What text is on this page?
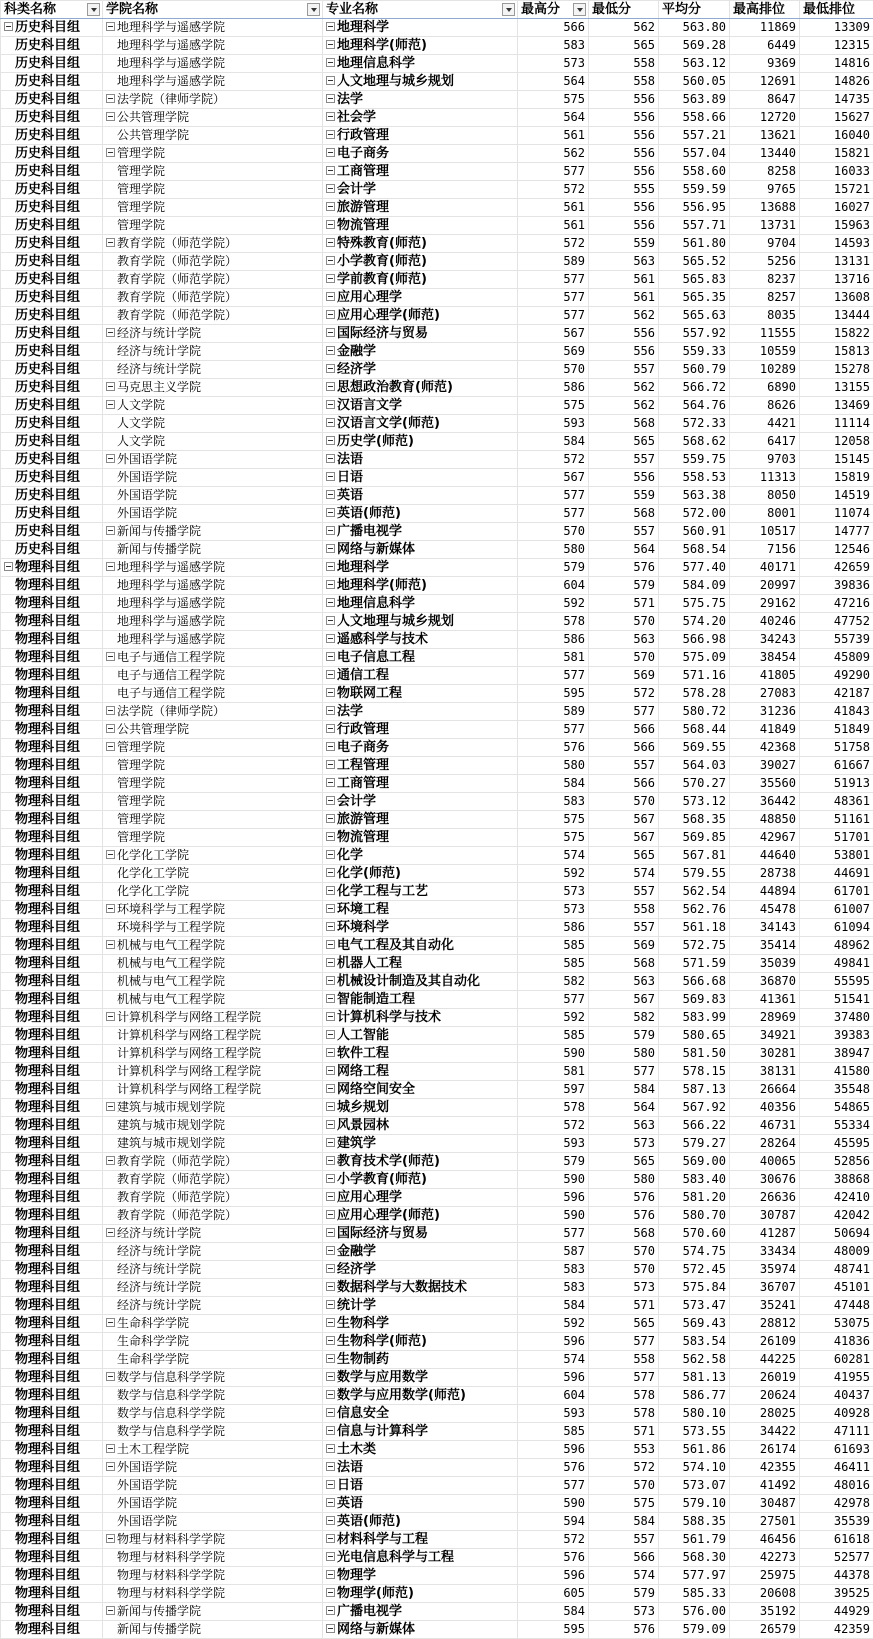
科类名称	学院名称	专业名称	最高分	最低分	平均分	最高排位	最低排位
历史科目组	地理科学与遥感学院	地理科学	566	562	563.80	11869	13309
历史科目组	地理科学与遥感学院	地理科学(师范)	583	565	569.28	6449	12315
历史科目组	地理科学与遥感学院	地理信息科学	573	558	563.12	9369	14816
历史科目组	地理科学与遥感学院	人文地理与城乡规划	564	558	560.05	12691	14826
历史科目组	法学院（律师学院）	法学	575	556	563.89	8647	14735
历史科目组	公共管理学院	社会学	564	556	558.66	12720	15627
历史科目组	公共管理学院	行政管理	561	556	557.21	13621	16040
历史科目组	管理学院	电子商务	562	556	557.04	13440	15821
历史科目组	管理学院	工商管理	577	556	558.60	8258	16033
历史科目组	管理学院	会计学	572	555	559.59	9765	15721
历史科目组	管理学院	旅游管理	561	556	556.95	13688	16027
历史科目组	管理学院	物流管理	561	556	557.71	13731	15963
历史科目组	教育学院（师范学院）	特殊教育(师范)	572	559	561.80	9704	14593
历史科目组	教育学院（师范学院）	小学教育(师范)	589	563	565.52	5256	13131
历史科目组	教育学院（师范学院）	学前教育(师范)	577	561	565.83	8237	13716
历史科目组	教育学院（师范学院）	应用心理学	577	561	565.35	8257	13608
历史科目组	教育学院（师范学院）	应用心理学(师范)	577	562	565.63	8035	13444
历史科目组	经济与统计学院	国际经济与贸易	567	556	557.92	11555	15822
历史科目组	经济与统计学院	金融学	569	556	559.33	10559	15813
历史科目组	经济与统计学院	经济学	570	557	560.79	10289	15278
历史科目组	马克思主义学院	思想政治教育(师范)	586	562	566.72	6890	13155
历史科目组	人文学院	汉语言文学	575	562	564.76	8626	13469
历史科目组	人文学院	汉语言文学(师范)	593	568	572.33	4421	11114
历史科目组	人文学院	历史学(师范)	584	565	568.62	6417	12058
历史科目组	外国语学院	法语	572	557	559.75	9703	15145
历史科目组	外国语学院	日语	567	556	558.53	11313	15819
历史科目组	外国语学院	英语	577	559	563.38	8050	14519
历史科目组	外国语学院	英语(师范)	577	568	572.00	8001	11074
历史科目组	新闻与传播学院	广播电视学	570	557	560.91	10517	14777
历史科目组	新闻与传播学院	网络与新媒体	580	564	568.54	7156	12546
物理科目组	地理科学与遥感学院	地理科学	579	576	577.40	40171	42659
物理科目组	地理科学与遥感学院	地理科学(师范)	604	579	584.09	20997	39836
物理科目组	地理科学与遥感学院	地理信息科学	592	571	575.75	29162	47216
物理科目组	地理科学与遥感学院	人文地理与城乡规划	578	570	574.20	40246	47752
物理科目组	地理科学与遥感学院	遥感科学与技术	586	563	566.98	34243	55739
物理科目组	电子与通信工程学院	电子信息工程	581	570	575.09	38454	45809
物理科目组	电子与通信工程学院	通信工程	577	569	571.16	41805	49290
物理科目组	电子与通信工程学院	物联网工程	595	572	578.28	27083	42187
物理科目组	法学院（律师学院）	法学	589	577	580.72	31236	41843
物理科目组	公共管理学院	行政管理	577	566	568.44	41849	51849
物理科目组	管理学院	电子商务	576	566	569.55	42368	51758
物理科目组	管理学院	工程管理	580	557	564.03	39027	61667
物理科目组	管理学院	工商管理	584	566	570.27	35560	51913
物理科目组	管理学院	会计学	583	570	573.12	36442	48361
物理科目组	管理学院	旅游管理	575	567	568.35	48850	51161
物理科目组	管理学院	物流管理	575	567	569.85	42967	51701
物理科目组	化学化工学院	化学	574	565	567.81	44640	53801
物理科目组	化学化工学院	化学(师范)	592	574	579.55	28738	44691
物理科目组	化学化工学院	化学工程与工艺	573	557	562.54	44894	61701
物理科目组	环境科学与工程学院	环境工程	573	558	562.76	45478	61007
物理科目组	环境科学与工程学院	环境科学	586	557	561.18	34143	61094
物理科目组	机械与电气工程学院	电气工程及其自动化	585	569	572.75	35414	48962
物理科目组	机械与电气工程学院	机器人工程	585	568	571.59	35039	49841
物理科目组	机械与电气工程学院	机械设计制造及其自动化	582	563	566.68	36870	55595
物理科目组	机械与电气工程学院	智能制造工程	577	567	569.83	41361	51541
物理科目组	计算机科学与网络工程学院	计算机科学与技术	592	582	583.99	28969	37480
物理科目组	计算机科学与网络工程学院	人工智能	585	579	580.65	34921	39383
物理科目组	计算机科学与网络工程学院	软件工程	590	580	581.50	30281	38947
物理科目组	计算机科学与网络工程学院	网络工程	581	577	578.15	38131	41580
物理科目组	计算机科学与网络工程学院	网络空间安全	597	584	587.13	26664	35548
物理科目组	建筑与城市规划学院	城乡规划	578	564	567.92	40356	54865
物理科目组	建筑与城市规划学院	风景园林	572	563	566.22	46731	55334
物理科目组	建筑与城市规划学院	建筑学	593	573	579.27	28264	45595
物理科目组	教育学院（师范学院）	教育技术学(师范)	579	565	569.00	40065	52856
物理科目组	教育学院（师范学院）	小学教育(师范)	590	580	583.40	30676	38868
物理科目组	教育学院（师范学院）	应用心理学	596	576	581.20	26636	42410
物理科目组	教育学院（师范学院）	应用心理学(师范)	590	576	580.70	30787	42042
物理科目组	经济与统计学院	国际经济与贸易	577	568	570.60	41287	50694
物理科目组	经济与统计学院	金融学	587	570	574.75	33434	48009
物理科目组	经济与统计学院	经济学	583	570	572.45	35974	48741
物理科目组	经济与统计学院	数据科学与大数据技术	583	573	575.84	36707	45101
物理科目组	经济与统计学院	统计学	584	571	573.47	35241	47448
物理科目组	生命科学学院	生物科学	592	565	569.43	28812	53075
物理科目组	生命科学学院	生物科学(师范)	596	577	583.54	26109	41836
物理科目组	生命科学学院	生物制药	574	558	562.58	44225	60281
物理科目组	数学与信息科学学院	数学与应用数学	596	577	581.13	26019	41955
物理科目组	数学与信息科学学院	数学与应用数学(师范)	604	578	586.77	20624	40437
物理科目组	数学与信息科学学院	信息安全	593	578	580.10	28025	40928
物理科目组	数学与信息科学学院	信息与计算科学	585	571	573.55	34422	47111
物理科目组	土木工程学院	土木类	596	553	561.86	26174	61693
物理科目组	外国语学院	法语	576	572	574.10	42355	46411
物理科目组	外国语学院	日语	577	570	573.07	41492	48016
物理科目组	外国语学院	英语	590	575	579.10	30487	42978
物理科目组	外国语学院	英语(师范)	594	584	588.35	27501	35539
物理科目组	物理与材料科学学院	材料科学与工程	572	557	561.79	46456	61618
物理科目组	物理与材料科学学院	光电信息科学与工程	576	566	568.30	42273	52577
物理科目组	物理与材料科学学院	物理学	596	574	577.97	25975	44378
物理科目组	物理与材料科学学院	物理学(师范)	605	579	585.33	20608	39525
物理科目组	新闻与传播学院	广播电视学	584	573	576.00	35192	44929
物理科目组	新闻与传播学院	网络与新媒体	595	576	579.09	26579	42359
